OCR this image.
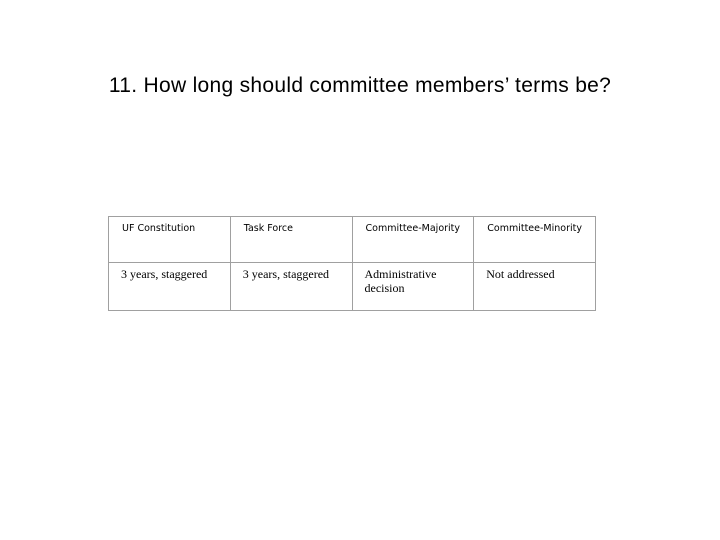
11. How long should committee members’ terms be?
UF Constitution	Task Force	Committee-Majority	Committee-Minority
3 years, staggered	3 years, staggered	Administrative decision	Not addressed
